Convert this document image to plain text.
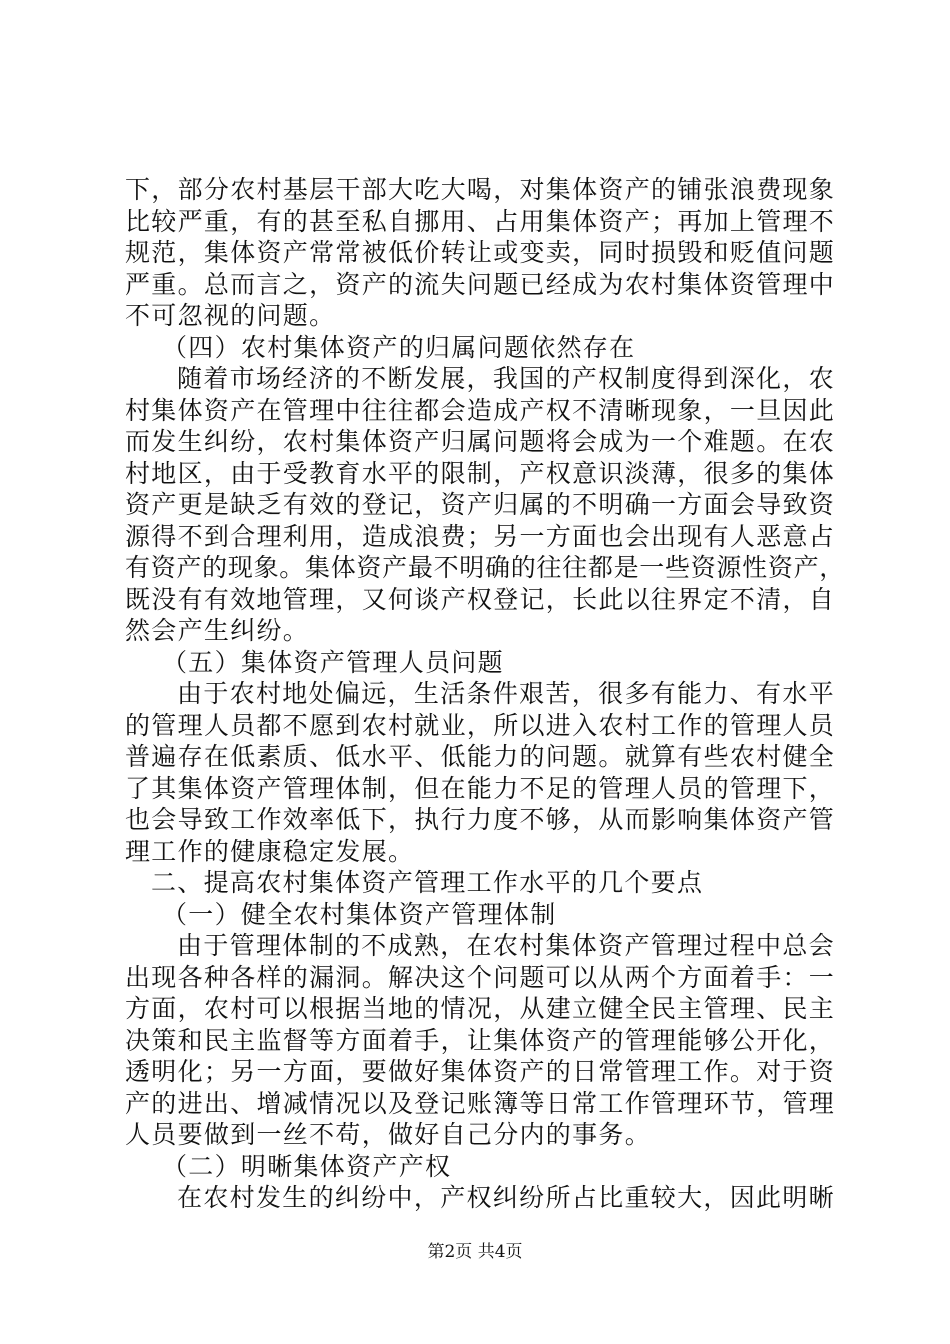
下，部分农村基层干部大吃大喝，对集体资产的铺张浪费现象
比较严重，有的甚至私自挪用、占用集体资产；再加上管理不
规范，集体资产常常被低价转让或变卖，同时损毁和贬值问题
严重。总而言之，资产的流失问题已经成为农村集体资管理中
不可忽视的问题。
（四）农村集体资产的归属问题依然存在
随着市场经济的不断发展，我国的产权制度得到深化，农
村集体资产在管理中往往都会造成产权不清晰现象，一旦因此
而发生纠纷，农村集体资产归属问题将会成为一个难题。在农
村地区，由于受教育水平的限制，产权意识淡薄，很多的集体
资产更是缺乏有效的登记，资产归属的不明确一方面会导致资
源得不到合理利用，造成浪费；另一方面也会出现有人恶意占
有资产的现象。集体资产最不明确的往往都是一些资源性资产，
既没有有效地管理，又何谈产权登记，长此以往界定不清，自
然会产生纠纷。
（五）集体资产管理人员问题
由于农村地处偏远，生活条件艰苦，很多有能力、有水平
的管理人员都不愿到农村就业，所以进入农村工作的管理人员
普遍存在低素质、低水平、低能力的问题。就算有些农村健全
了其集体资产管理体制，但在能力不足的管理人员的管理下，
也会导致工作效率低下，执行力度不够，从而影响集体资产管
理工作的健康稳定发展。
二、提高农村集体资产管理工作水平的几个要点
（一）健全农村集体资产管理体制
由于管理体制的不成熟，在农村集体资产管理过程中总会
出现各种各样的漏洞。解决这个问题可以从两个方面着手：一
方面，农村可以根据当地的情况，从建立健全民主管理、民主
决策和民主监督等方面着手，让集体资产的管理能够公开化，
透明化；另一方面，要做好集体资产的日常管理工作。对于资
产的进出、增减情况以及登记账簿等日常工作管理环节，管理
人员要做到一丝不苟，做好自己分内的事务。
（二）明晰集体资产产权
在农村发生的纠纷中，产权纠纷所占比重较大，因此明晰
第2页 共4页
